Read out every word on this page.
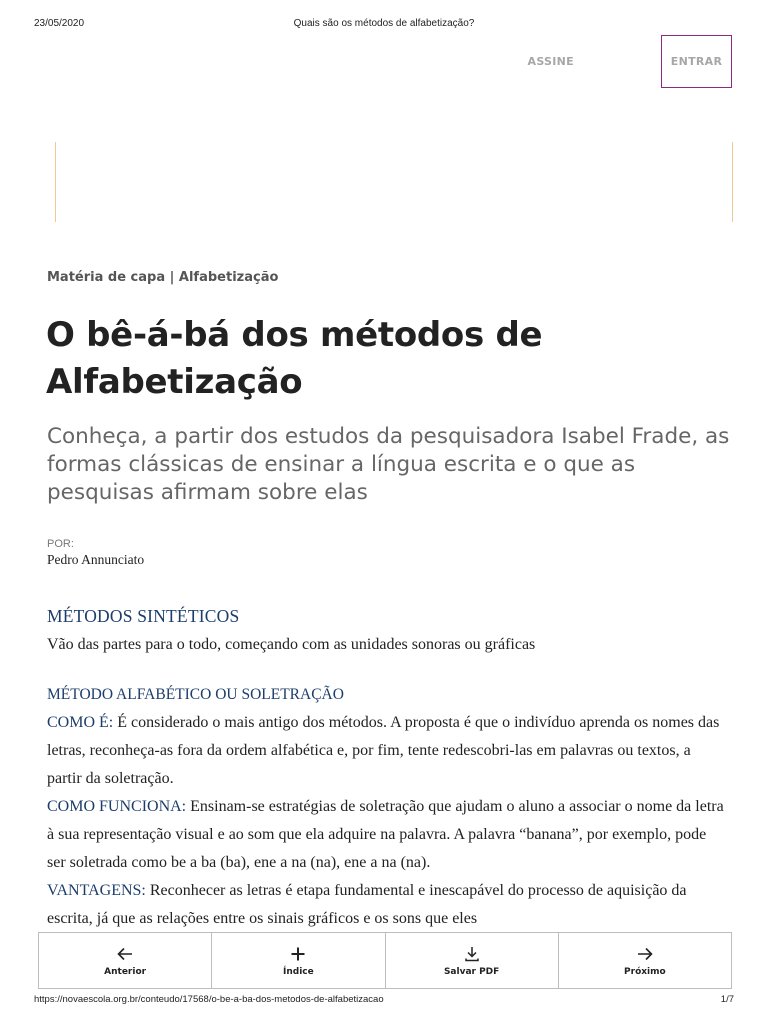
23/05/2020	Quais são os métodos de alfabetização?
ASSINE	ENTRAR
Matéria de capa | Alfabetização
O bê-á-bá dos métodos de Alfabetização

Conheça, a partir dos estudos da pesquisadora Isabel Frade, as formas clássicas de ensinar a língua escrita e o que as pesquisas afirmam sobre elas

POR:
Pedro Annunciato
MÉTODOS SINTÉTICOS
Vão das partes para o todo, começando com as unidades sonoras ou gráficas
MÉTODO ALFABÉTICO OU SOLETRAÇÃO
COMO É: É considerado o mais antigo dos métodos. A proposta é que o indivíduo aprenda os nomes das letras, reconheça-as fora da ordem alfabética e, por fim, tente redescobri-las em palavras ou textos, a partir da soletração.
COMO FUNCIONA: Ensinam-se estratégias de soletração que ajudam o aluno a associar o nome da letra à sua representação visual e ao som que ela adquire na palavra. A palavra “banana”, por exemplo, pode ser soletrada como be a ba (ba), ene a na (na), ene a na (na).
VANTAGENS: Reconhecer as letras é etapa fundamental e inescapável do processo de aquisição da escrita, já que as relações entre os sinais gráficos e os sons que eles
Anterior	Índice	Salvar PDF	Próximo
https://novaescola.org.br/conteudo/17568/o-be-a-ba-dos-metodos-de-alfabetizacao	1/7
